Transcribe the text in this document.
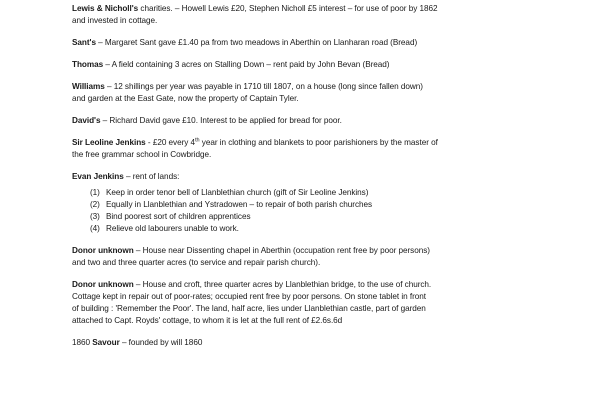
Lewis & Nicholl's charities. – Howell Lewis £20, Stephen Nicholl £5 interest – for use of poor by 1862
and invested in cottage.
Sant's – Margaret Sant gave £1.40 pa from two meadows in Aberthin on Llanharan road (Bread)
Thomas – A field containing 3 acres on Stalling Down – rent paid by John Bevan (Bread)
Williams – 12 shillings per year was payable in 1710 till 1807, on a house (long since fallen down)
and garden at the East Gate, now the property of Captain Tyler.
David's – Richard David gave £10. Interest to be applied for bread for poor.
Sir Leoline Jenkins - £20 every 4th year in clothing and blankets to poor parishioners by the master of
the free grammar school in Cowbridge.
Evan Jenkins – rent of lands:
(1) Keep in order tenor bell of Llanblethian church (gift of Sir Leoline Jenkins)
(2) Equally in Llanblethian and Ystradowen – to repair of both parish churches
(3) Bind poorest sort of children apprentices
(4) Relieve old labourers unable to work.
Donor unknown – House near Dissenting chapel in Aberthin (occupation rent free by poor persons)
and two and three quarter acres (to service and repair parish church).
Donor unknown – House and croft, three quarter acres by Llanblethian bridge, to the use of church.
Cottage kept in repair out of poor-rates; occupied rent free by poor persons. On stone tablet in front
of building : 'Remember the Poor'. The land, half acre, lies under Llanblethian castle, part of garden
attached to Capt. Royds' cottage, to whom it is let at the full rent of £2.6s.6d
1860 Savour – founded by will 1860
